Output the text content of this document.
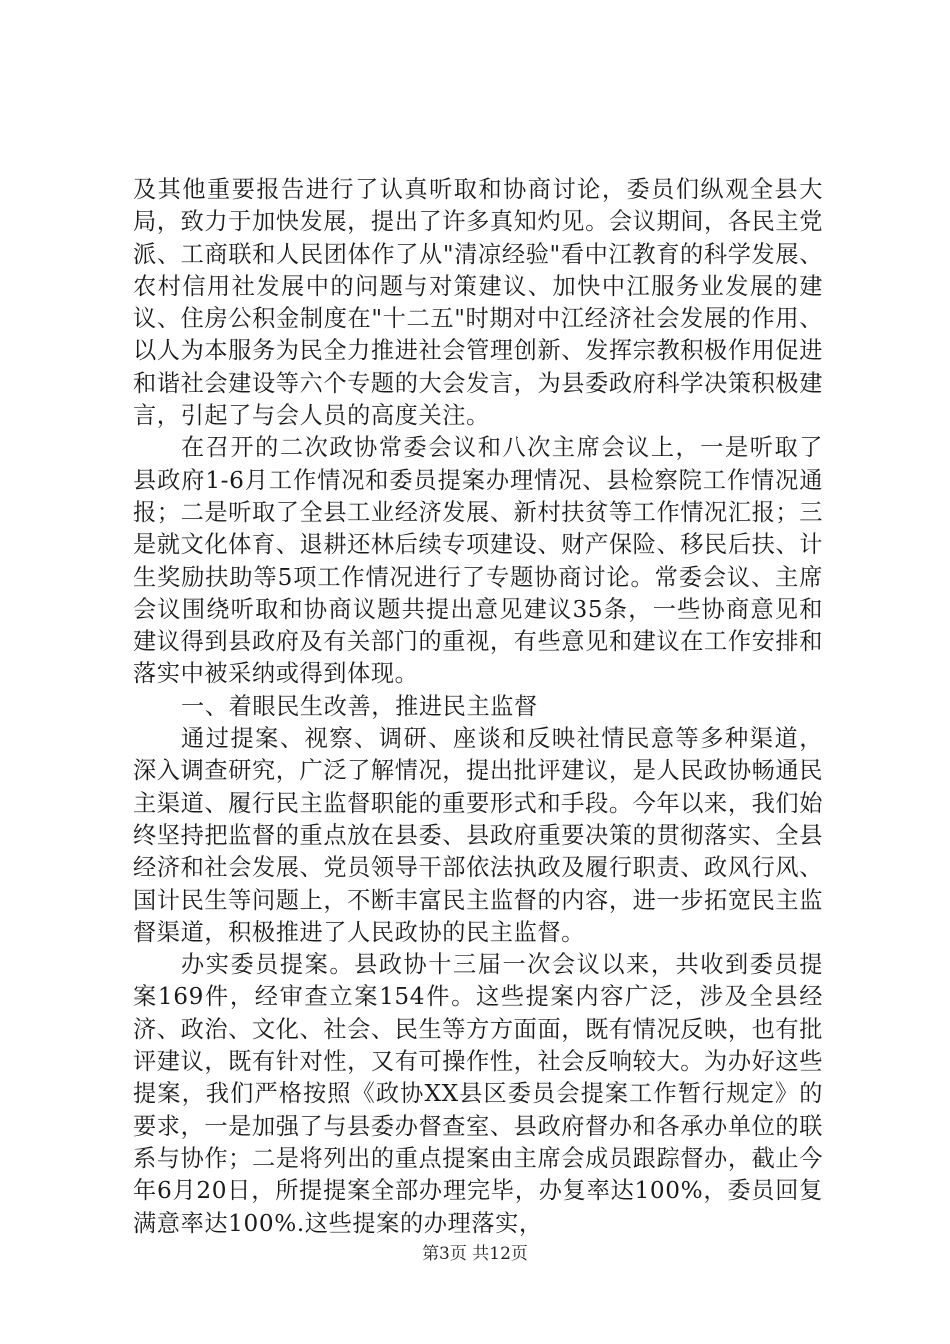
及其他重要报告进行了认真听取和协商讨论，委员们纵观全县大局，致力于加快发展，提出了许多真知灼见。会议期间，各民主党派、工商联和人民团体作了从"清凉经验"看中江教育的科学发展、农村信用社发展中的问题与对策建议、加快中江服务业发展的建议、住房公积金制度在"十二五"时期对中江经济社会发展的作用、以人为本服务为民全力推进社会管理创新、发挥宗教积极作用促进和谐社会建设等六个专题的大会发言，为县委政府科学决策积极建言，引起了与会人员的高度关注。

在召开的二次政协常委会议和八次主席会议上，一是听取了县政府1-6月工作情况和委员提案办理情况、县检察院工作情况通报；二是听取了全县工业经济发展、新村扶贫等工作情况汇报；三是就文化体育、退耕还林后续专项建设、财产保险、移民后扶、计生奖励扶助等5项工作情况进行了专题协商讨论。常委会议、主席会议围绕听取和协商议题共提出意见建议35条，一些协商意见和建议得到县政府及有关部门的重视，有些意见和建议在工作安排和落实中被采纳或得到体现。

一、着眼民生改善，推进民主监督

通过提案、视察、调研、座谈和反映社情民意等多种渠道，深入调查研究，广泛了解情况，提出批评建议，是人民政协畅通民主渠道、履行民主监督职能的重要形式和手段。今年以来，我们始终坚持把监督的重点放在县委、县政府重要决策的贯彻落实、全县经济和社会发展、党员领导干部依法执政及履行职责、政风行风、国计民生等问题上，不断丰富民主监督的内容，进一步拓宽民主监督渠道，积极推进了人民政协的民主监督。

办实委员提案。县政协十三届一次会议以来，共收到委员提案169件，经审查立案154件。这些提案内容广泛，涉及全县经济、政治、文化、社会、民生等方方面面，既有情况反映，也有批评建议，既有针对性，又有可操作性，社会反响较大。为办好这些提案，我们严格按照《政协XX县区委员会提案工作暂行规定》的要求，一是加强了与县委办督查室、县政府督办和各承办单位的联系与协作；二是将列出的重点提案由主席会成员跟踪督办，截止今年6月20日，所提提案全部办理完毕，办复率达100%，委员回复满意率达100%.这些提案的办理落实，

第3页 共12页
